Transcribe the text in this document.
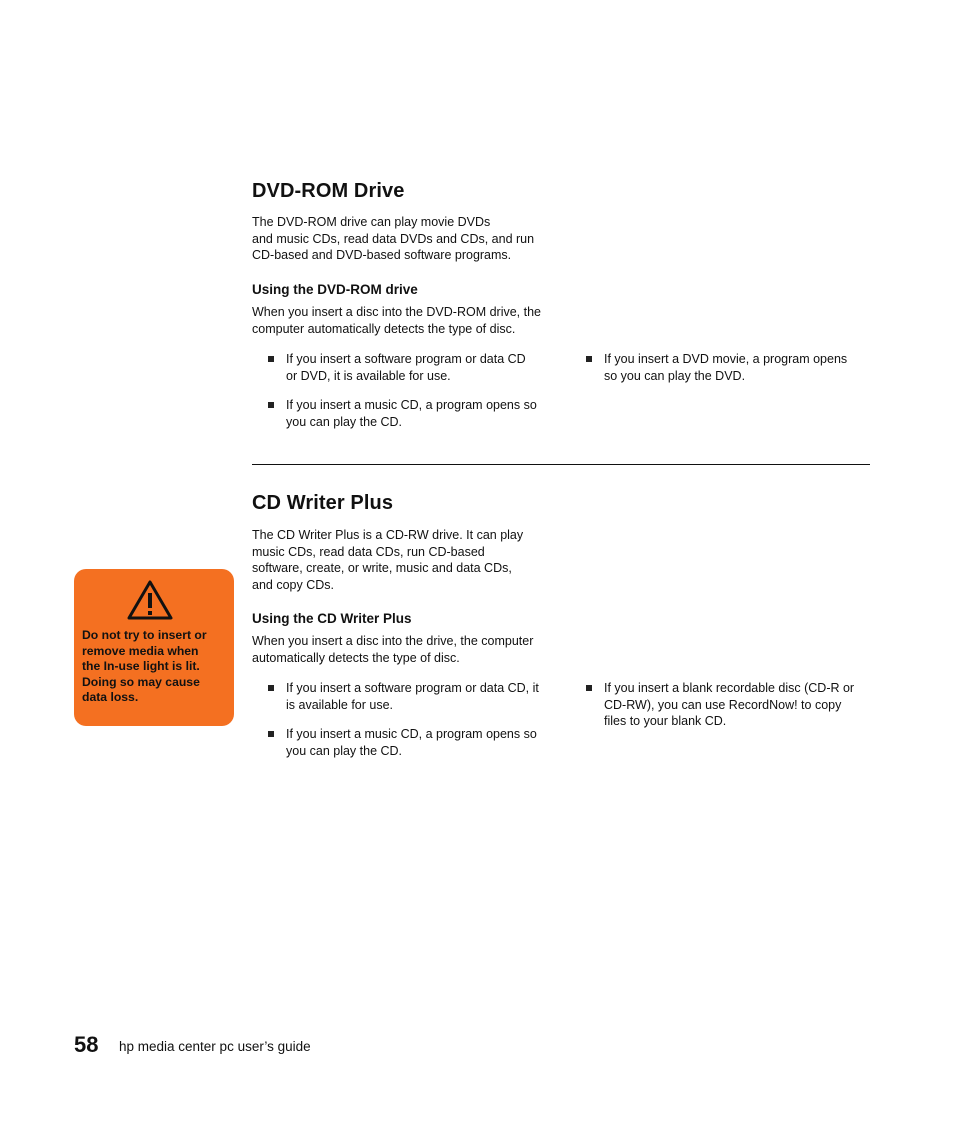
DVD-ROM Drive

The DVD-ROM drive can play movie DVDs

and music CDs, read data DVDs and CDs, and run

CD-based and DVD-based software programs.

Using the DVD-ROM drive

When you insert a disc into the DVD-ROM drive, the

computer automatically detects the type of disc.

If you insert a software program or data CD
or DVD, it is available for use.
If you insert a music CD, a program opens so
you can play the CD.
If you insert a DVD movie, a program opens
so you can play the DVD.
CD Writer Plus

The CD Writer Plus is a CD-RW drive. It can play

music CDs, read data CDs, run CD-based

software, create, or write, music and data CDs,

and copy CDs.

Using the CD Writer Plus

When you insert a disc into the drive, the computer

automatically detects the type of disc.

If you insert a software program or data CD, it
is available for use.
If you insert a music CD, a program opens so
you can play the CD.
If you insert a blank recordable disc (CD-R or
CD-RW), you can use RecordNow! to copy
files to your blank CD.

Do not try to insert or

remove media when

the In-use light is lit.

Doing so may cause

data loss.

58 hp media center pc user’s guide
